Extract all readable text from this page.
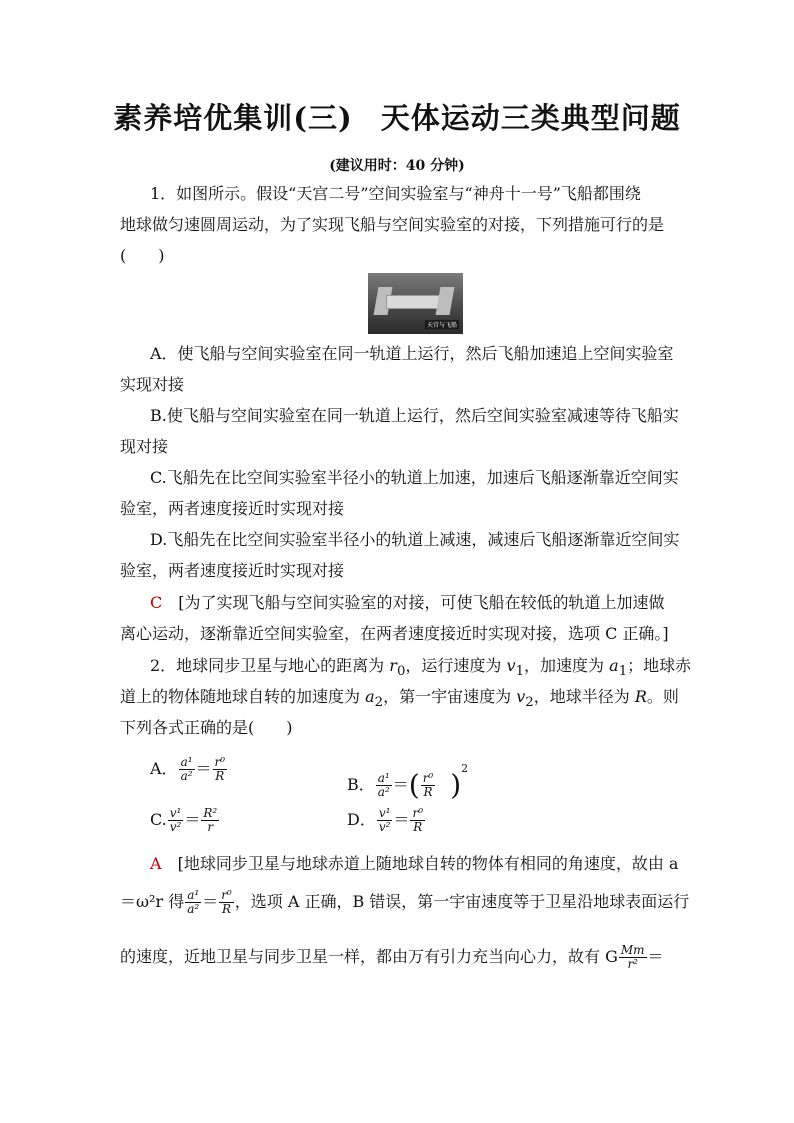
素养培优集训(三) 天体运动三类典型问题
(建议用时：40 分钟)
1．如图所示。假设“天宫二号”空间实验室与“神舟十一号”飞船都围绕
地球做匀速圆周运动，为了实现飞船与空间实验室的对接，下列措施可行的是
(　　)
天宫与飞船
A．使飞船与空间实验室在同一轨道上运行，然后飞船加速追上空间实验室
实现对接
B.使飞船与空间实验室在同一轨道上运行，然后空间实验室减速等待飞船实
现对接
C.飞船先在比空间实验室半径小的轨道上加速，加速后飞船逐渐靠近空间实
验室，两者速度接近时实现对接
D.飞船先在比空间实验室半径小的轨道上减速，减速后飞船逐渐靠近空间实
验室，两者速度接近时实现对接
C　 [为了实现飞船与空间实验室的对接，可使飞船在较低的轨道上加速做
离心运动，逐渐靠近空间实验室，在两者速度接近时实现对接，选项 C 正确。]
2．地球同步卫星与地心的距离为 $r_0$，运行速度为 $v_1$，加速度为 $a_1$；地球赤
道上的物体随地球自转的加速度为 $a_2$，第一宇宙速度为 $v_2$，地球半径为 R。则
下列各式正确的是(　　)
A． $\frac{\text{a¹}}{\text{a²}} = \frac{\text{r⁰}}{R}$
B． $\frac{\text{a¹}}{\text{a²}}$ ＝( $\frac{\text{r⁰}}{R} )^2$
C. $\frac{\text{v¹}}{\text{v²}} = \frac{\text{R²}}{r}$	D． $\frac{\text{v¹}}{\text{v²}} = \frac{\text{r⁰}}{R}$
A　 [地球同步卫星与地球赤道上随地球自转的物体有相同的角速度，故由 a
＝ω²r 得 $\frac{\text{a¹}}{\text{a²}} = \frac{\text{r⁰}}{R}$ ，选项 A 正确，B 错误，第一宇宙速度等于卫星沿地球表面运行
的速度，近地卫星与同步卫星一样，都由万有引力充当向心力，故有 G $\frac{Mm}{\text{r²}}$ ＝
